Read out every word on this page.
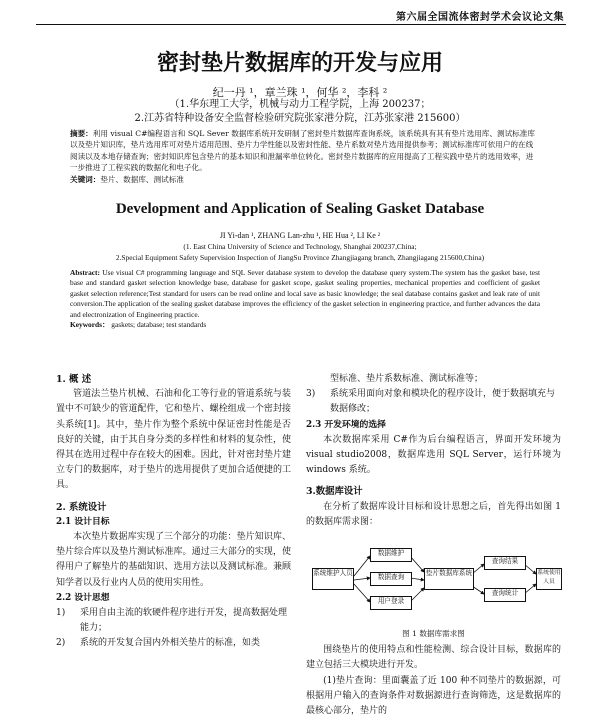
第六届全国流体密封学术会议论文集
密封垫片数据库的开发与应用
纪一丹 ¹，章兰珠 ¹，何华 ²，李科 ²
（1.华东理工大学，机械与动力工程学院，上海 200237；
2.江苏省特种设备安全监督检验研究院张家港分院，江苏张家港 215600）
摘要：利用 visual C#编程语言和 SQL Sever 数据库系统开发研制了密封垫片数据库查询系统，该系统具有其有垫片选用库、测试标准库以及垫片知识库，垫片选用库可对垫片适用范围、垫片力学性能以及密封性能、垫片系数对垫片选用提供参考；测试标准库可依用户的在线阅读以及本地存储查询；密封知识库包含垫片的基本知识和泄漏率单位转化。密封垫片数据库的应用提高了工程实践中垫片的选用效率，进一步推进了工程实践的数据化和电子化。
关键词：垫片、数据库、测试标准
Development and Application of Sealing Gasket Database
JI Yi-dan ¹, ZHANG Lan-zhu ¹, HE Hua ², LI Ke ²
(1. East China University of Science and Technology, Shanghai 200237,China;
2.Special Equipment Safety Supervision Inspection of JiangSu Province Zhangjiagang branch, Zhangjiagang 215600,China)
Abstract: Use visual C# programming language and SQL Sever database system to develop the database query system.The system has the gasket base, test base and standard gasket selection knowledge base, database for gasket scope, gasket sealing properties, mechanical properties and coefficient of gasket gasket selection reference;Test standard for users can be read online and local save as basic knowledge; the seal database contains gasket and leak rate of unit conversion.The application of the sealing gasket database improves the efficiency of the gasket selection in engineering practice, and further advances the data and electronization of Engineering practice.
Keywords： gaskets; database; test standards

1. 概 述

管道法兰垫片机械、石油和化工等行业的管道系统与装置中不可缺少的管道配件，它和垫片、螺栓组成一个密封接头系统[1]。其中，垫片作为整个系统中保证密封性能是否良好的关键，由于其自身分类的多样性和材料的复杂性，使得其在选用过程中存在较大的困难。因此，针对密封垫片建立专门的数据库，对于垫片的选用提供了更加合适便捷的工具。

2. 系统设计

2.1 设计目标

本次垫片数据库实现了三个部分的功能：垫片知识库、垫片综合库以及垫片测试标准库。通过三大部分的实现，使得用户了解垫片的基础知识、选用方法以及测试标准。兼顾知学者以及行业内人员的使用实用性。

2.2 设计思想

1) 采用自由主流的软硬件程序进行开发，提高数据处理能力；

2) 系统的开发复合国内外相关垫片的标准，如类

型标准、垫片系数标准、测试标准等；

3) 系统采用面向对象和模块化的程序设计，便于数据填充与数据修改；

2.3 开发环境的选择

本次数据库采用 C#作为后台编程语言，界面开发环境为 visual studio2008，数据库选用 SQL Server，运行环境为 windows 系统。

3.数据库设计

在分析了数据库设计目标和设计思想之后，首先得出如图 1 的数据库需求图：

系统维护人员
数据维护
数据查询
用户登录
垫片数据库系统
查询结果
查询统计
系统使用人员

图 1 数据库需求图

围绕垫片的使用特点和性能检测、综合设计目标，数据库的建立包括三大模块进行开发。

(1)垫片查询：里面囊盖了近 100 种不同垫片的数据源，可根据用户输入的查询条件对数据源进行查询筛选，这是数据库的最核心部分，垫片的
